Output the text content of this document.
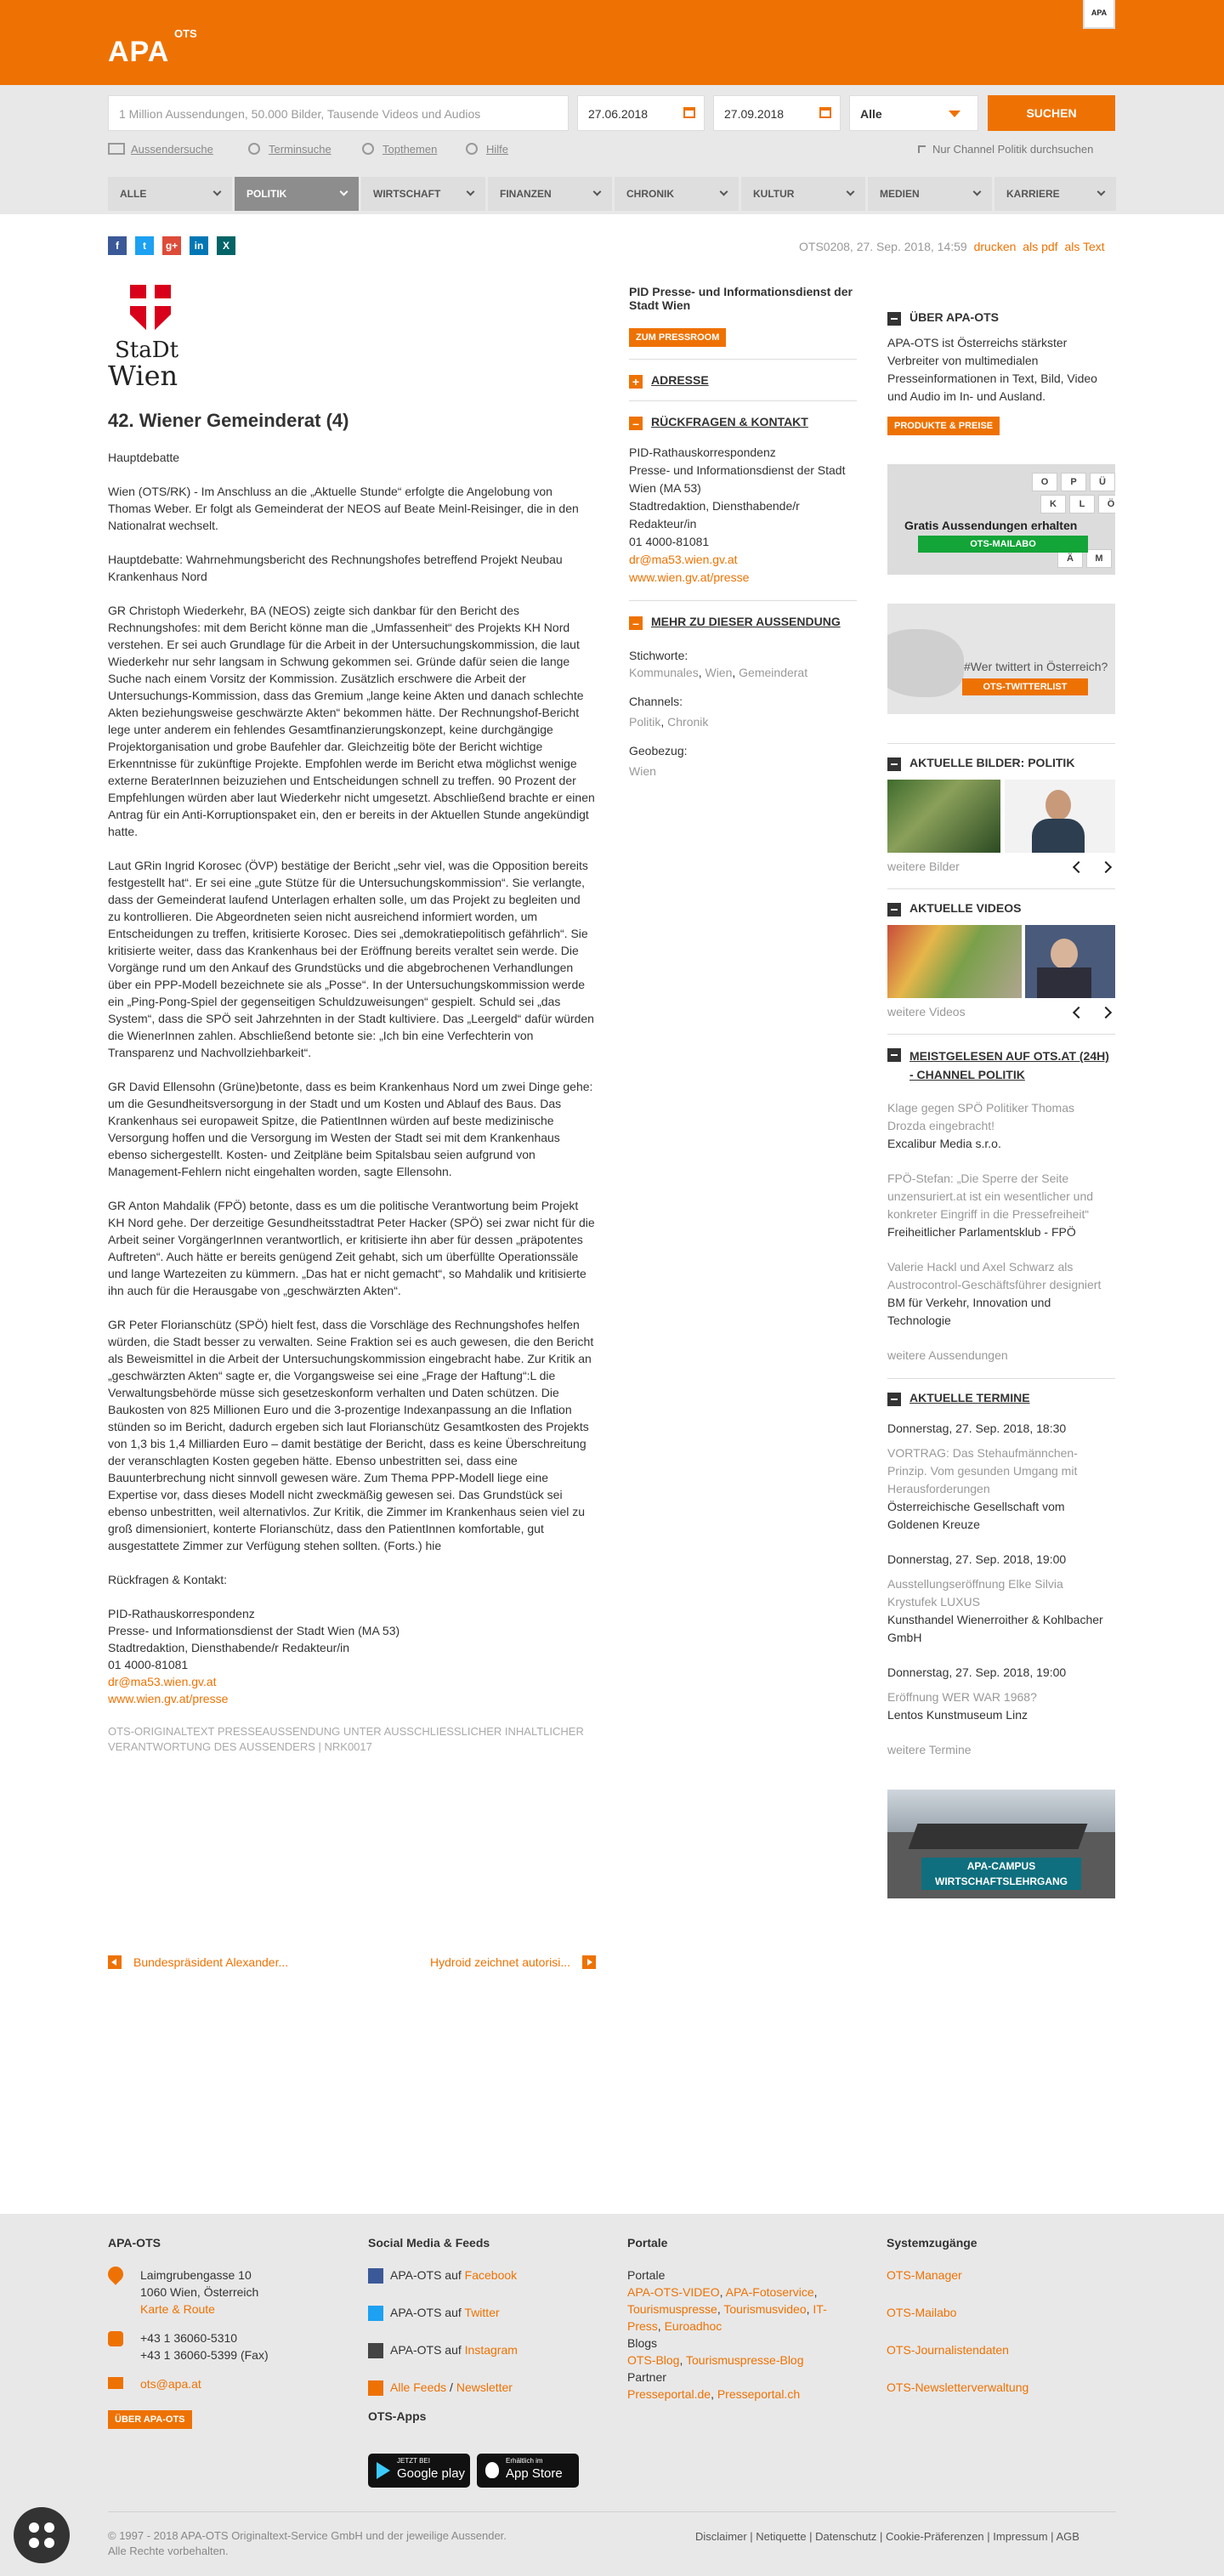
APA
OTS
APA
1 Million Aussendungen, 50.000 Bilder, Tausende Videos und Audios	27.06.2018	27.09.2018	Alle	SUCHEN
Aussendersuche	Terminsuche	Topthemen	Hilfe	Nur Channel Politik durchsuchen
ALLE	POLITIK	WIRTSCHAFT	FINANZEN	CHRONIK	KULTUR	MEDIEN	KARRIERE
f	t	g+	in	X	OTS0208, 27. Sep. 2018, 14:59 drucken als pdf als Text
StaDt
Wien
42. Wiener Gemeinderat (4)

Hauptdebatte

Wien (OTS/RK) - Im Anschluss an die „Aktuelle Stunde“ erfolgte die Angelobung von Thomas Weber. Er folgt als Gemeinderat der NEOS auf Beate Meinl-Reisinger, die in den Nationalrat wechselt.

Hauptdebatte: Wahrnehmungsbericht des Rechnungshofes betreffend Projekt Neubau Krankenhaus Nord

GR Christoph Wiederkehr, BA (NEOS) zeigte sich dankbar für den Bericht des Rechnungshofes: mit dem Bericht könne man die „Umfassenheit“ des Projekts KH Nord verstehen. Er sei auch Grundlage für die Arbeit in der Untersuchungskommission, die laut Wiederkehr nur sehr langsam in Schwung gekommen sei. Gründe dafür seien die lange Suche nach einem Vorsitz der Kommission. Zusätzlich erschwere die Arbeit der Untersuchungs-Kommission, dass das Gremium „lange keine Akten und danach schlechte Akten beziehungsweise geschwärzte Akten“ bekommen hätte. Der Rechnungshof-Bericht lege unter anderem ein fehlendes Gesamtfinanzierungskonzept, keine durchgängige Projektorganisation und grobe Baufehler dar. Gleichzeitig böte der Bericht wichtige Erkenntnisse für zukünftige Projekte. Empfohlen werde im Bericht etwa möglichst wenige externe BeraterInnen beizuziehen und Entscheidungen schnell zu treffen. 90 Prozent der Empfehlungen würden aber laut Wiederkehr nicht umgesetzt. Abschließend brachte er einen Antrag für ein Anti-Korruptionspaket ein, den er bereits in der Aktuellen Stunde angekündigt hatte.

Laut GRin Ingrid Korosec (ÖVP) bestätige der Bericht „sehr viel, was die Opposition bereits festgestellt hat“. Er sei eine „gute Stütze für die Untersuchungskommission“. Sie verlangte, dass der Gemeinderat laufend Unterlagen erhalten solle, um das Projekt zu begleiten und zu kontrollieren. Die Abgeordneten seien nicht ausreichend informiert worden, um Entscheidungen zu treffen, kritisierte Korosec. Dies sei „demokratiepolitisch gefährlich“. Sie kritisierte weiter, dass das Krankenhaus bei der Eröffnung bereits veraltet sein werde. Die Vorgänge rund um den Ankauf des Grundstücks und die abgebrochenen Verhandlungen über ein PPP-Modell bezeichnete sie als „Posse“. In der Untersuchungskommission werde ein „Ping-Pong-Spiel der gegenseitigen Schuldzuweisungen“ gespielt. Schuld sei „das System“, dass die SPÖ seit Jahrzehnten in der Stadt kultiviere. Das „Leergeld“ dafür würden die WienerInnen zahlen. Abschließend betonte sie: „Ich bin eine Verfechterin von Transparenz und Nachvollziehbarkeit“.

GR David Ellensohn (Grüne)betonte, dass es beim Krankenhaus Nord um zwei Dinge gehe: um die Gesundheitsversorgung in der Stadt und um Kosten und Ablauf des Baus. Das Krankenhaus sei europaweit Spitze, die PatientInnen würden auf beste medizinische Versorgung hoffen und die Versorgung im Westen der Stadt sei mit dem Krankenhaus ebenso sichergestellt. Kosten- und Zeitpläne beim Spitalsbau seien aufgrund von Management-Fehlern nicht eingehalten worden, sagte Ellensohn.

GR Anton Mahdalik (FPÖ) betonte, dass es um die politische Verantwortung beim Projekt KH Nord gehe. Der derzeitige Gesundheitsstadtrat Peter Hacker (SPÖ) sei zwar nicht für die Arbeit seiner VorgängerInnen verantwortlich, er kritisierte ihn aber für dessen „präpotentes Auftreten“. Auch hätte er bereits genügend Zeit gehabt, sich um überfüllte Operationssäle und lange Wartezeiten zu kümmern. „Das hat er nicht gemacht“, so Mahdalik und kritisierte ihn auch für die Herausgabe von „geschwärzten Akten“.

GR Peter Florianschütz (SPÖ) hielt fest, dass die Vorschläge des Rechnungshofes helfen würden, die Stadt besser zu verwalten. Seine Fraktion sei es auch gewesen, die den Bericht als Beweismittel in die Arbeit der Untersuchungskommission eingebracht habe. Zur Kritik an „geschwärzten Akten“ sagte er, die Vorgangsweise sei eine „Frage der Haftung“:L die Verwaltungsbehörde müsse sich gesetzeskonform verhalten und Daten schützen. Die Baukosten von 825 Millionen Euro und die 3-prozentige Indexanpassung an die Inflation stünden so im Bericht, dadurch ergeben sich laut Florianschütz Gesamtkosten des Projekts von 1,3 bis 1,4 Milliarden Euro – damit bestätige der Bericht, dass es keine Überschreitung der veranschlagten Kosten gegeben hätte. Ebenso unbestritten sei, dass eine Bauunterbrechung nicht sinnvoll gewesen wäre. Zum Thema PPP-Modell liege eine Expertise vor, dass dieses Modell nicht zweckmäßig gewesen sei. Das Grundstück sei ebenso unbestritten, weil alternativlos. Zur Kritik, die Zimmer im Krankenhaus seien viel zu groß dimensioniert, konterte Florianschütz, dass den PatientInnen komfortable, gut ausgestattete Zimmer zur Verfügung stehen sollten. (Forts.) hie

Rückfragen & Kontakt:

PID-Rathauskorrespondenz

Presse- und Informationsdienst der Stadt Wien (MA 53)

Stadtredaktion, Diensthabende/r Redakteur/in

01 4000-81081

dr@ma53.wien.gv.at

www.wien.gv.at/presse

OTS-ORIGINALTEXT PRESSEAUSSENDUNG UNTER AUSSCHLIESSLICHER INHALTLICHER VERANTWORTUNG DES AUSSENDERS | NRK0017

Bundespräsident Alexander...	Hydroid zeichnet autorisi...
PID Presse- und Informationsdienst der Stadt Wien
ZUM PRESSROOM
+ ADRESSE
– RÜCKFRAGEN & KONTAKT
PID-Rathauskorrespondenz
Presse- und Informationsdienst der Stadt Wien (MA 53)
Stadtredaktion, Diensthabende/r Redakteur/in
01 4000-81081
dr@ma53.wien.gv.at
www.wien.gv.at/presse
– MEHR ZU DIESER AUSSENDUNG
Stichworte:
Kommunales, Wien, Gemeinderat
Channels:
Politik, Chronik
Geobezug:
Wien
ÜBER APA-OTS
APA-OTS ist Österreichs stärkster Verbreiter von multimedialen Presseinformationen in Text, Bild, Video und Audio im In- und Ausland.
PRODUKTE & PREISE
O	P	Ü
K	L	Ö
Ä	M
Gratis Aussendungen erhalten
OTS-MAILABO
#Wer twittert in Österreich?
OTS-TWITTERLIST
AKTUELLE BILDER: POLITIK
weitere Bilder
AKTUELLE VIDEOS
weitere Videos
MEISTGELESEN AUF OTS.AT (24H) - CHANNEL POLITIK
Klage gegen SPÖ Politiker Thomas Drozda eingebracht!
Excalibur Media s.r.o.
FPÖ-Stefan: „Die Sperre der Seite unzensuriert.at ist ein wesentlicher und konkreter Eingriff in die Pressefreiheit“
Freiheitlicher Parlamentsklub - FPÖ
Valerie Hackl und Axel Schwarz als Austrocontrol-Geschäftsführer designiert
BM für Verkehr, Innovation und Technologie
weitere Aussendungen
AKTUELLE TERMINE
Donnerstag, 27. Sep. 2018, 18:30
VORTRAG: Das Stehaufmännchen-Prinzip. Vom gesunden Umgang mit Herausforderungen
Österreichische Gesellschaft vom Goldenen Kreuze
Donnerstag, 27. Sep. 2018, 19:00
Ausstellungseröffnung Elke Silvia Krystufek LUXUS
Kunsthandel Wienerroither & Kohlbacher GmbH
Donnerstag, 27. Sep. 2018, 19:00
Eröffnung WER WAR 1968?
Lentos Kunstmuseum Linz
weitere Termine
APA-CAMPUS
WIRTSCHAFTSLEHRGANG
APA-OTS
Laimgrubengasse 10
1060 Wien, Österreich
Karte & Route
+43 1 36060-5310
+43 1 36060-5399 (Fax)
ots@apa.at
ÜBER APA-OTS
Social Media & Feeds
APA-OTS auf Facebook
APA-OTS auf Twitter
APA-OTS auf Instagram
Alle Feeds / Newsletter
OTS-Apps
JETZT BEI
Google play
Erhältlich im
App Store
Portale
Portale
APA-OTS-VIDEO, APA-Fotoservice, Tourismuspresse, Tourismusvideo, IT-Press, Euroadhoc
Blogs
OTS-Blog, Tourismuspresse-Blog
Partner
Presseportal.de, Presseportal.ch
Systemzugänge
OTS-Manager
OTS-Mailabo
OTS-Journalistendaten
OTS-Newsletterverwaltung
© 1997 - 2018 APA-OTS Originaltext-Service GmbH und der jeweilige Aussender.
Alle Rechte vorbehalten.
Disclaimer | Netiquette | Datenschutz | Cookie-Präferenzen | Impressum | AGB
